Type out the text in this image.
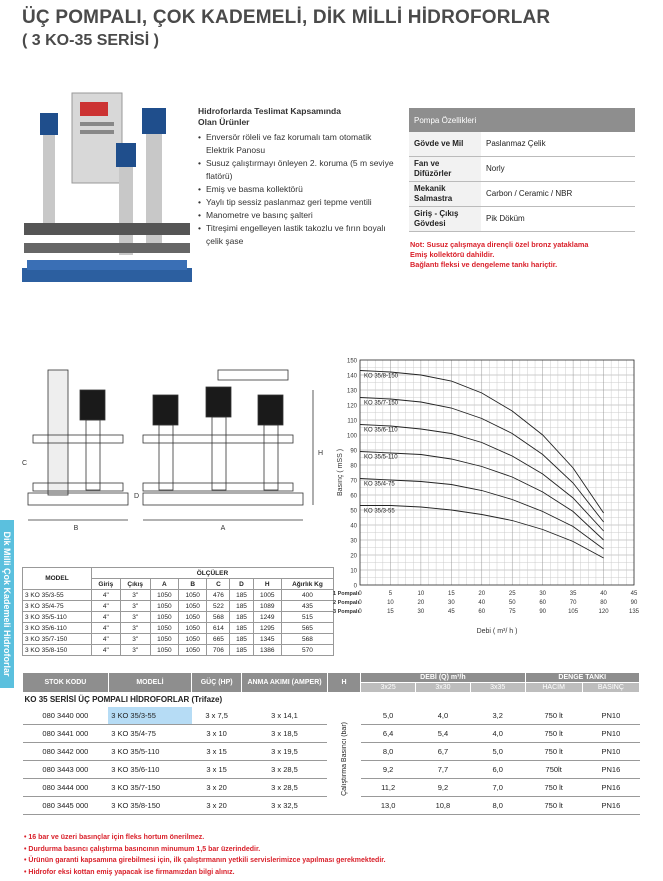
ÜÇ POMPALI, ÇOK KADEMELİ, DİK MİLLİ HİDROFORLAR
( 3 KO-35 SERİSİ )
Dik Milli Çok Kademeli Hidroforlar
Hidroforlarda Teslimat Kapsamında
Olan Ürünler
• Enversör röleli ve faz korumalı tam otomatik Elektrik Panosu
• Susuz çalıştırmayı önleyen 2. koruma (5 m seviye flatörü)
• Emiş ve basma kollektörü
• Yaylı tip sessiz paslanmaz geri tepme ventili
• Manometre ve basınç şalteri
• Titreşimi engelleyen lastik takozlu ve fırın boyalı çelik şase
Pompa Özellikleri	
Gövde ve Mil	Paslanmaz Çelik
Fan ve Difüzörler	Norly
Mekanik Salmastra	Carbon / Ceramic / NBR
Giriş - Çıkış Gövdesi	Pik Döküm
Not: Susuz çalışmaya dirençli özel bronz yataklama
Emiş kollektörü dahildir.
Bağlantı fleksi ve dengeleme tankı hariçtir.
B	A
H
D
C
MODEL	ÖLÇÜLER							
	Giriş	Çıkış	A	B	C	D	H	Ağırlık Kg
3 KO 35/3-55	4"	3"	1050	1050	476	185	1005	400
3 KO 35/4-75	4"	3"	1050	1050	522	185	1089	435
3 KO 35/5-110	4"	3"	1050	1050	568	185	1249	515
3 KO 35/6-110	4"	3"	1050	1050	614	185	1295	565
3 KO 35/7-150	4"	3"	1050	1050	665	185	1345	568
3 KO 35/8-150	4"	3"	1050	1050	706	185	1386	570
0
10
20
30
40
50
60
70
80
90
100
110
120
130
140
150
Basınç ( mSS )
1 Pompalı 0	5	10	15	20	25	30	35	40	45
2 Pompalı 0	10	20	30	40	50	60	70	80	90
3 Pompalı 0	15	30	45	60	75	90	105	120	135
Debi ( m³/ h )
KO 35/8-150
KO 35/7-150
KO 35/6-110
KO 35/5-110
KO 35/4-75
KO 35/3-55
STOK KODU	MODELİ	GÜÇ (HP)	ANMA AKIMI (AMPER)	H	DEBİ (Q) m³/h			DENGE TANKI	
					3x25	3x30	3x35	HACİM	BASINÇ
KO 35 SERİSİ ÜÇ POMPALI HİDROFORLAR (Trifaze)									
080 3440 000	3 KO 35/3-55	3 x 7,5	3 x 14,1	Çalıştırma Basıncı (bar)	5,0	4,0	3,2	750 lt	PN10
080 3441 000	3 KO 35/4-75	3 x 10	3 x 18,5		6,4	5,4	4,0	750 lt	PN10
080 3442 000	3 KO 35/5-110	3 x 15	3 x 19,5		8,0	6,7	5,0	750 lt	PN10
080 3443 000	3 KO 35/6-110	3 x 15	3 x 28,5		9,2	7,7	6,0	750lt	PN16
080 3444 000	3 KO 35/7-150	3 x 20	3 x 28,5		11,2	9,2	7,0	750 lt	PN16
080 3445 000	3 KO 35/8-150	3 x 20	3 x 32,5		13,0	10,8	8,0	750 lt	PN16
• 16 bar ve üzeri basınçlar için fleks hortum önerilmez.
• Durdurma basıncı çalıştırma basıncının minumum 1,5 bar üzerindedir.
• Ürünün garanti kapsamına girebilmesi için, ilk çalıştırmanın yetkili servislerimizce yapılması gerekmektedir.
• Hidrofor eksi kottan emiş yapacak ise firmamızdan bilgi alınız.
